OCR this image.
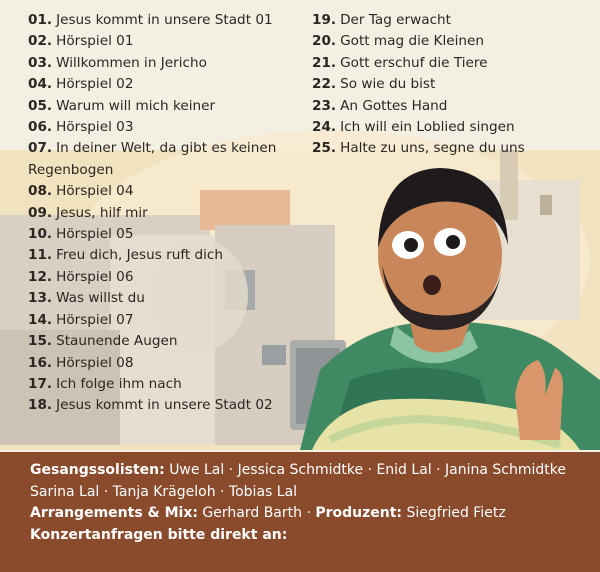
01. Jesus kommt in unsere Stadt 01
02. Hörspiel 01
03. Willkommen in Jericho
04. Hörspiel 02
05. Warum will mich keiner
06. Hörspiel 03
07. In deiner Welt, da gibt es keinen Regenbogen
08. Hörspiel 04
09. Jesus, hilf mir
10. Hörspiel 05
11. Freu dich, Jesus ruft dich
12. Hörspiel 06
13. Was willst du
14. Hörspiel 07
15. Staunende Augen
16. Hörspiel 08
17. Ich folge ihm nach
18. Jesus kommt in unsere Stadt 02
19. Der Tag erwacht
20. Gott mag die Kleinen
21. Gott erschuf die Tiere
22. So wie du bist
23. An Gottes Hand
24. Ich will ein Loblied singen
25. Halte zu uns, segne du uns
Gesangssolisten: Uwe Lal · Jessica Schmidtke · Enid Lal · Janina Schmidtke
Sarina Lal · Tanja Krägeloh · Tobias Lal
Arrangements & Mix: Gerhard Barth · Produzent: Siegfried Fietz
Konzertanfragen bitte direkt an:
